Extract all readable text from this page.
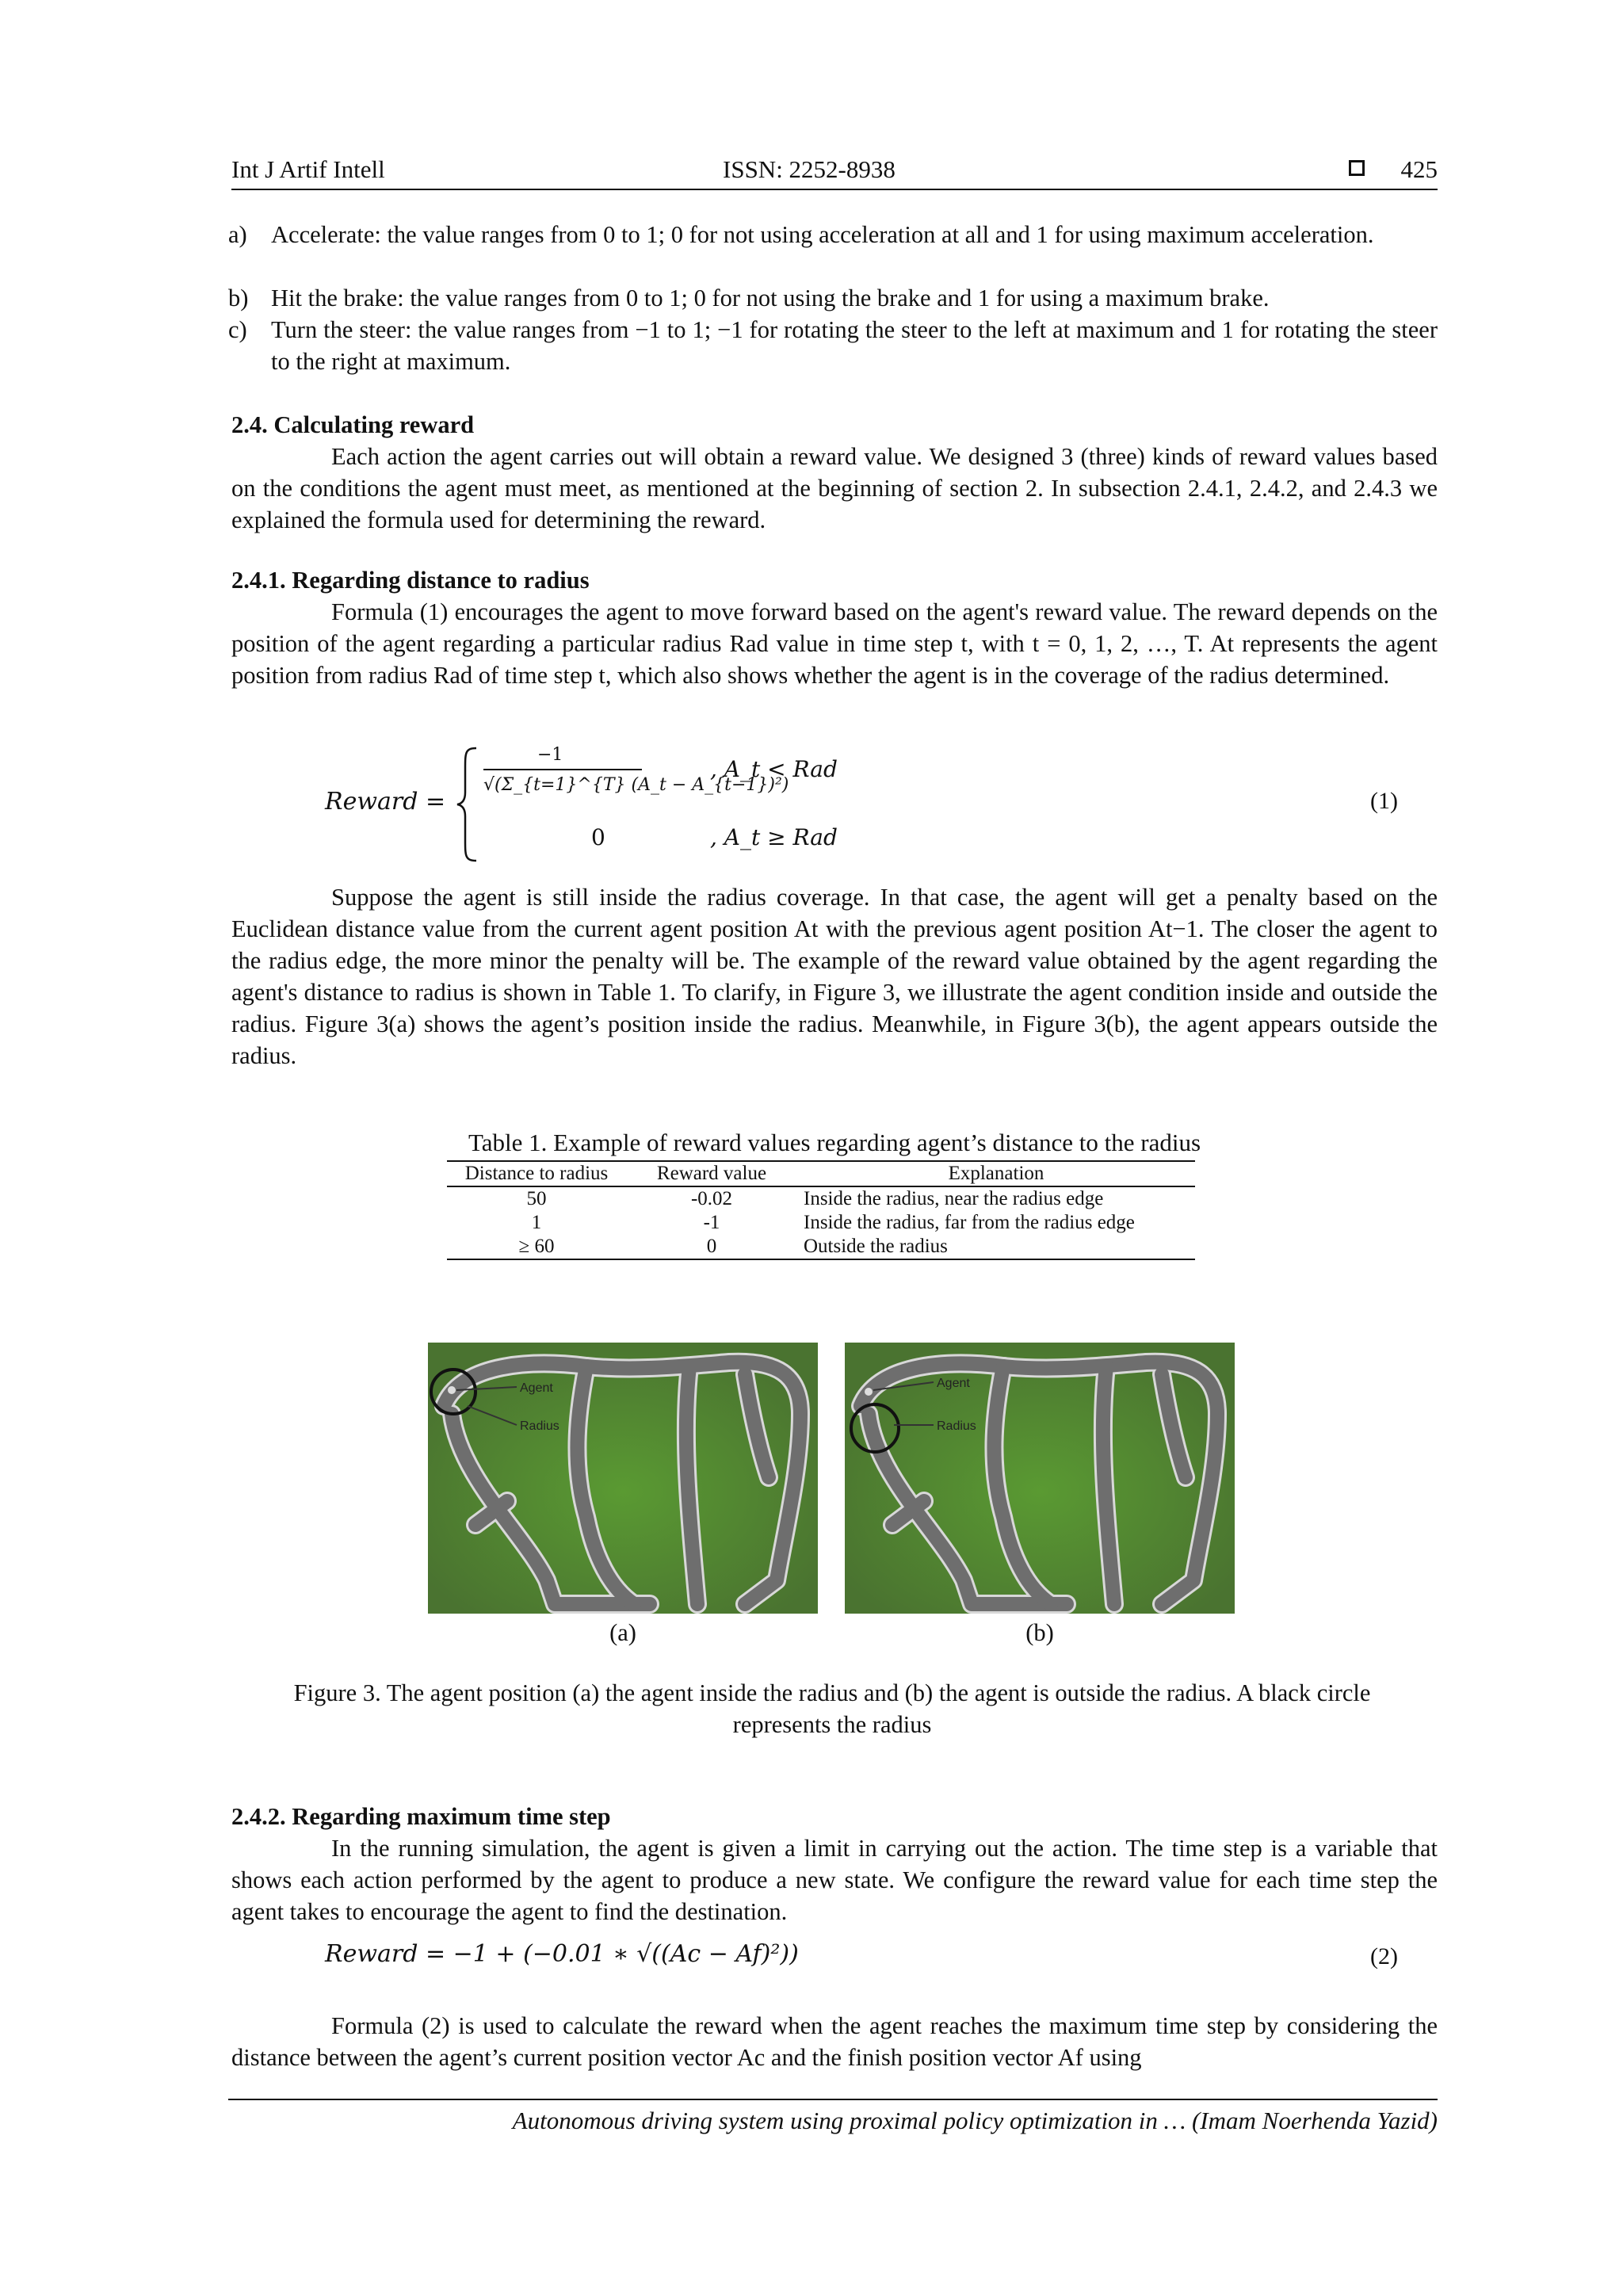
Int J Artif Intell	ISSN: 2252-8938	425
a) Accelerate: the value ranges from 0 to 1; 0 for not using acceleration at all and 1 for using maximum acceleration.
b) Hit the brake: the value ranges from 0 to 1; 0 for not using the brake and 1 for using a maximum brake.
c) Turn the steer: the value ranges from −1 to 1; −1 for rotating the steer to the left at maximum and 1 for rotating the steer to the right at maximum.
2.4. Calculating reward
Each action the agent carries out will obtain a reward value. We designed 3 (three) kinds of reward values based on the conditions the agent must meet, as mentioned at the beginning of section 2. In subsection 2.4.1, 2.4.2, and 2.4.3 we explained the formula used for determining the reward.
2.4.1. Regarding distance to radius
Formula (1) encourages the agent to move forward based on the agent's reward value. The reward depends on the position of the agent regarding a particular radius Rad value in time step t, with t = 0, 1, 2, …, T. At represents the agent position from radius Rad of time step t, which also shows whether the agent is in the coverage of the radius determined.
Reward =
−1
√(Σ_{t=1}^{T} (A_t − A_{t−1})²)
, A_t < Rad
0	, A_t ≥ Rad
(1)
Suppose the agent is still inside the radius coverage. In that case, the agent will get a penalty based on the Euclidean distance value from the current agent position At with the previous agent position At−1. The closer the agent to the radius edge, the more minor the penalty will be. The example of the reward value obtained by the agent regarding the agent's distance to radius is shown in Table 1. To clarify, in Figure 3, we illustrate the agent condition inside and outside the radius. Figure 3(a) shows the agent’s position inside the radius. Meanwhile, in Figure 3(b), the agent appears outside the radius.
Table 1. Example of reward values regarding agent’s distance to the radius
Distance to radius	Reward value	Explanation
50	-0.02	Inside the radius, near the radius edge
1	-1	Inside the radius, far from the radius edge
≥ 60	0	Outside the radius
Agent
Radius
Agent
Radius
(a)	(b)
Figure 3. The agent position (a) the agent inside the radius and (b) the agent is outside the radius. A black circle represents the radius
2.4.2. Regarding maximum time step
In the running simulation, the agent is given a limit in carrying out the action. The time step is a variable that shows each action performed by the agent to produce a new state. We configure the reward value for each time step the agent takes to encourage the agent to find the destination.
Reward = −1 + (−0.01 ∗ √((Ac − Af)²))	(2)
Formula (2) is used to calculate the reward when the agent reaches the maximum time step by considering the distance between the agent’s current position vector Ac and the finish position vector Af using
Autonomous driving system using proximal policy optimization in … (Imam Noerhenda Yazid)
